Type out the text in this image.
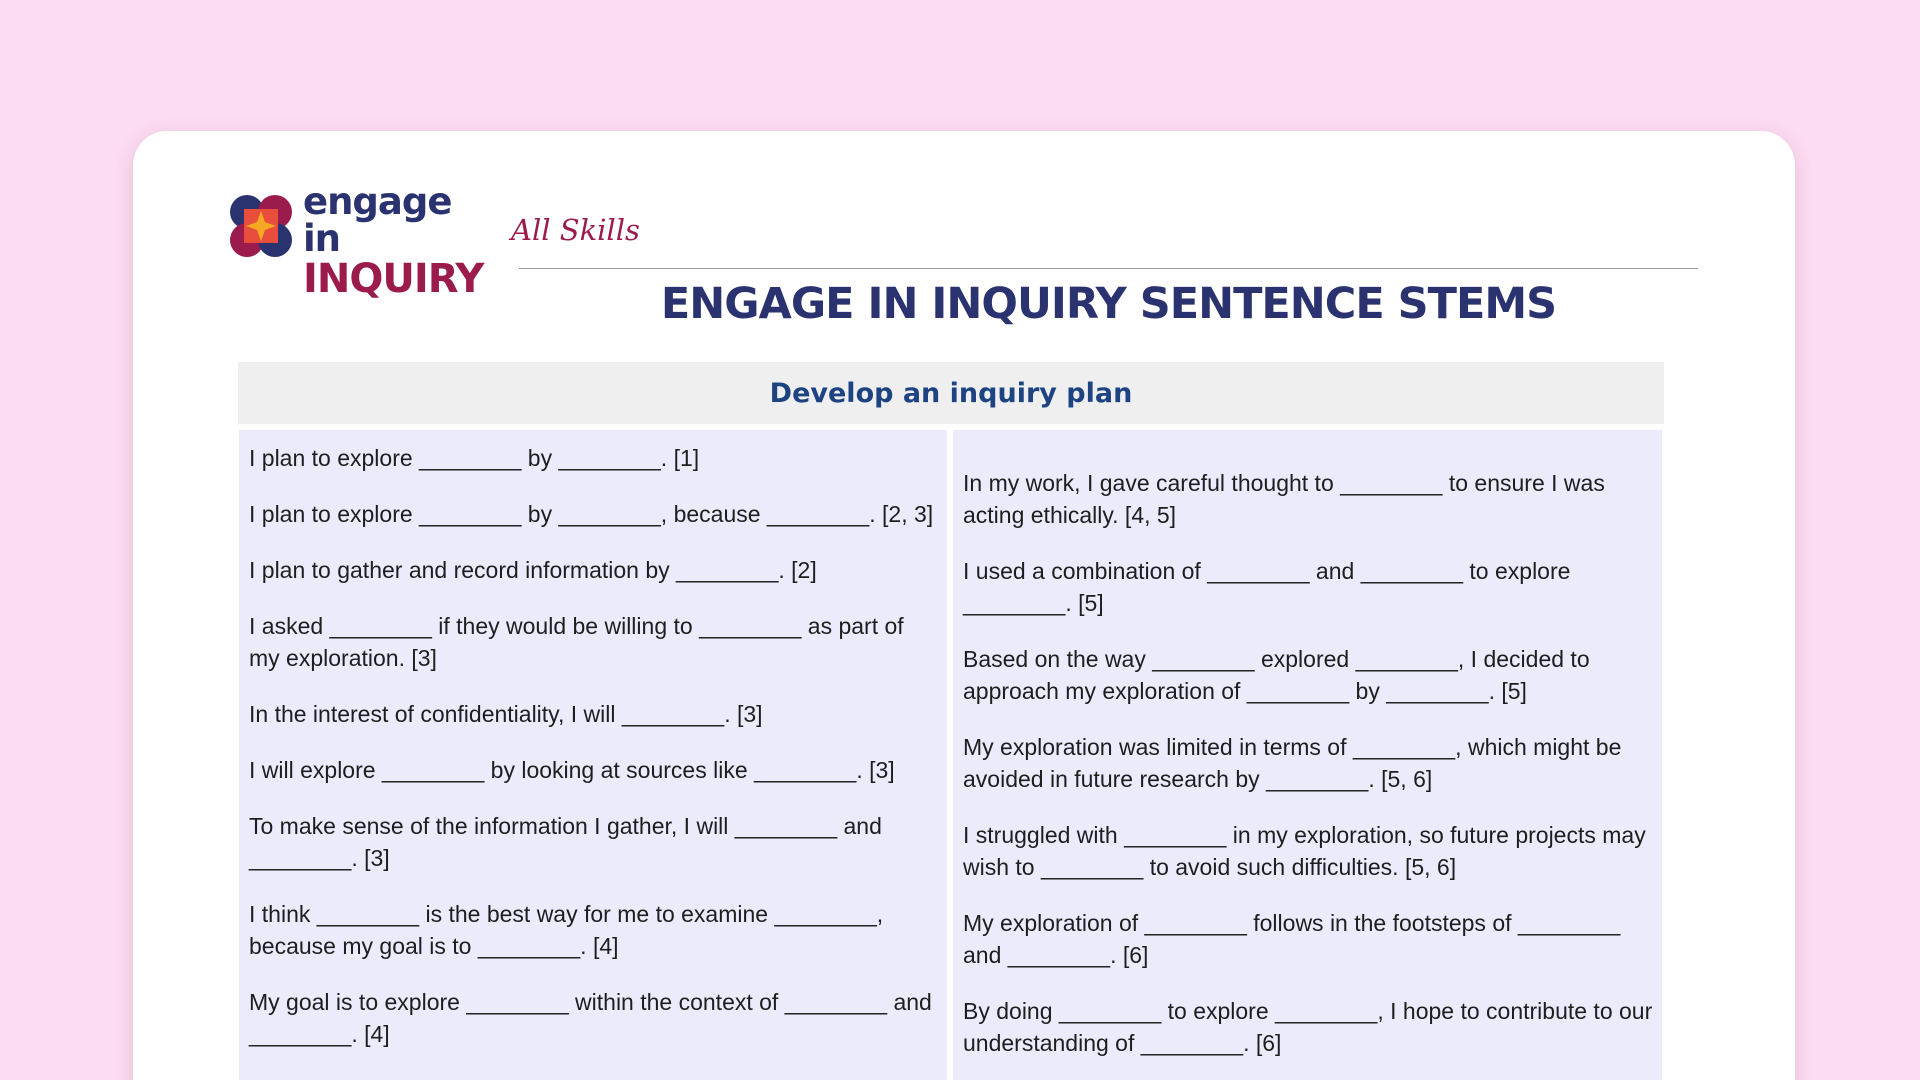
engage in
INQUIRY
All Skills
ENGAGE IN INQUIRY SENTENCE STEMS
Develop an inquiry plan

I plan to explore ________ by ________. [1]

I plan to explore ________ by ________, because ________. [2, 3]

I plan to gather and record information by ________. [2]

I asked ________ if they would be willing to ________ as part of my exploration. [3]

In the interest of confidentiality, I will ________. [3]

I will explore ________ by looking at sources like ________. [3]

To make sense of the information I gather, I will ________ and ________. [3]

I think ________ is the best way for me to examine ________, because my goal is to ________. [4]

My goal is to explore ________ within the context of ________ and ________. [4]

In my work, I gave careful thought to ________ to ensure I was acting ethically. [4, 5]

I used a combination of ________ and ________ to explore ________. [5]

Based on the way ________ explored ________, I decided to approach my exploration of ________ by ________. [5]

My exploration was limited in terms of ________, which might be avoided in future research by ________. [5, 6]

I struggled with ________ in my exploration, so future projects may wish to ________ to avoid such difficulties. [5, 6]

My exploration of ________ follows in the footsteps of ________ and ________. [6]

By doing ________ to explore ________, I hope to contribute to our understanding of ________. [6]
